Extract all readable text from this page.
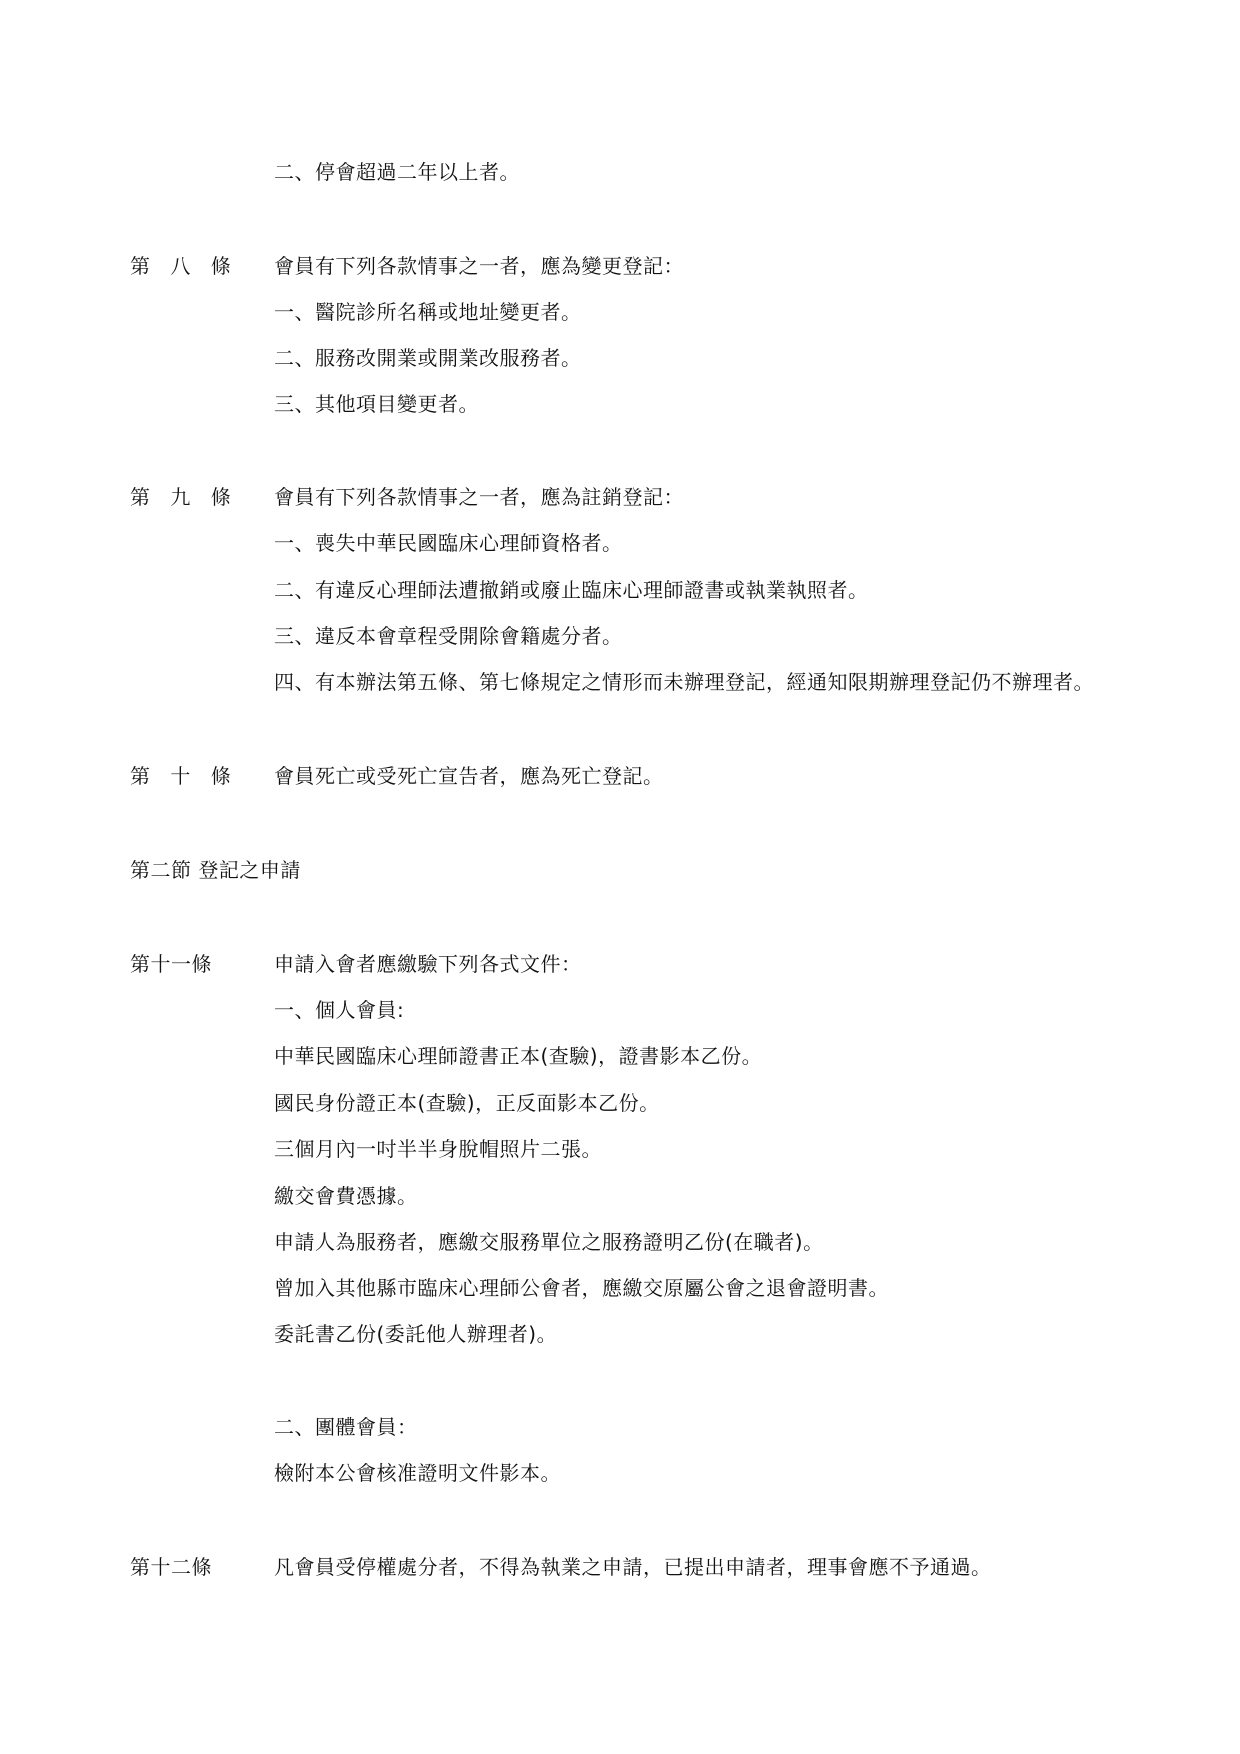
二、停會超過二年以上者。
第 八 條 會員有下列各款情事之一者，應為變更登記：
一、醫院診所名稱或地址變更者。
二、服務改開業或開業改服務者。
三、其他項目變更者。
第 九 條 會員有下列各款情事之一者，應為註銷登記：
一、喪失中華民國臨床心理師資格者。
二、有違反心理師法遭撤銷或廢止臨床心理師證書或執業執照者。
三、違反本會章程受開除會籍處分者。
四、有本辦法第五條、第七條規定之情形而未辦理登記，經通知限期辦理登記仍不辦理者。
第 十 條 會員死亡或受死亡宣告者，應為死亡登記。
第二節 登記之申請
第十一條	申請入會者應繳驗下列各式文件：
一、個人會員:
中華民國臨床心理師證書正本(查驗)，證書影本乙份。
國民身份證正本(查驗)，正反面影本乙份。
三個月內一吋半半身脫帽照片二張。
繳交會費憑據。
申請人為服務者，應繳交服務單位之服務證明乙份(在職者)。
曾加入其他縣市臨床心理師公會者，應繳交原屬公會之退會證明書。
委託書乙份(委託他人辦理者)。
二、團體會員：
檢附本公會核准證明文件影本。
第十二條	凡會員受停權處分者，不得為執業之申請，已提出申請者，理事會應不予通過。
